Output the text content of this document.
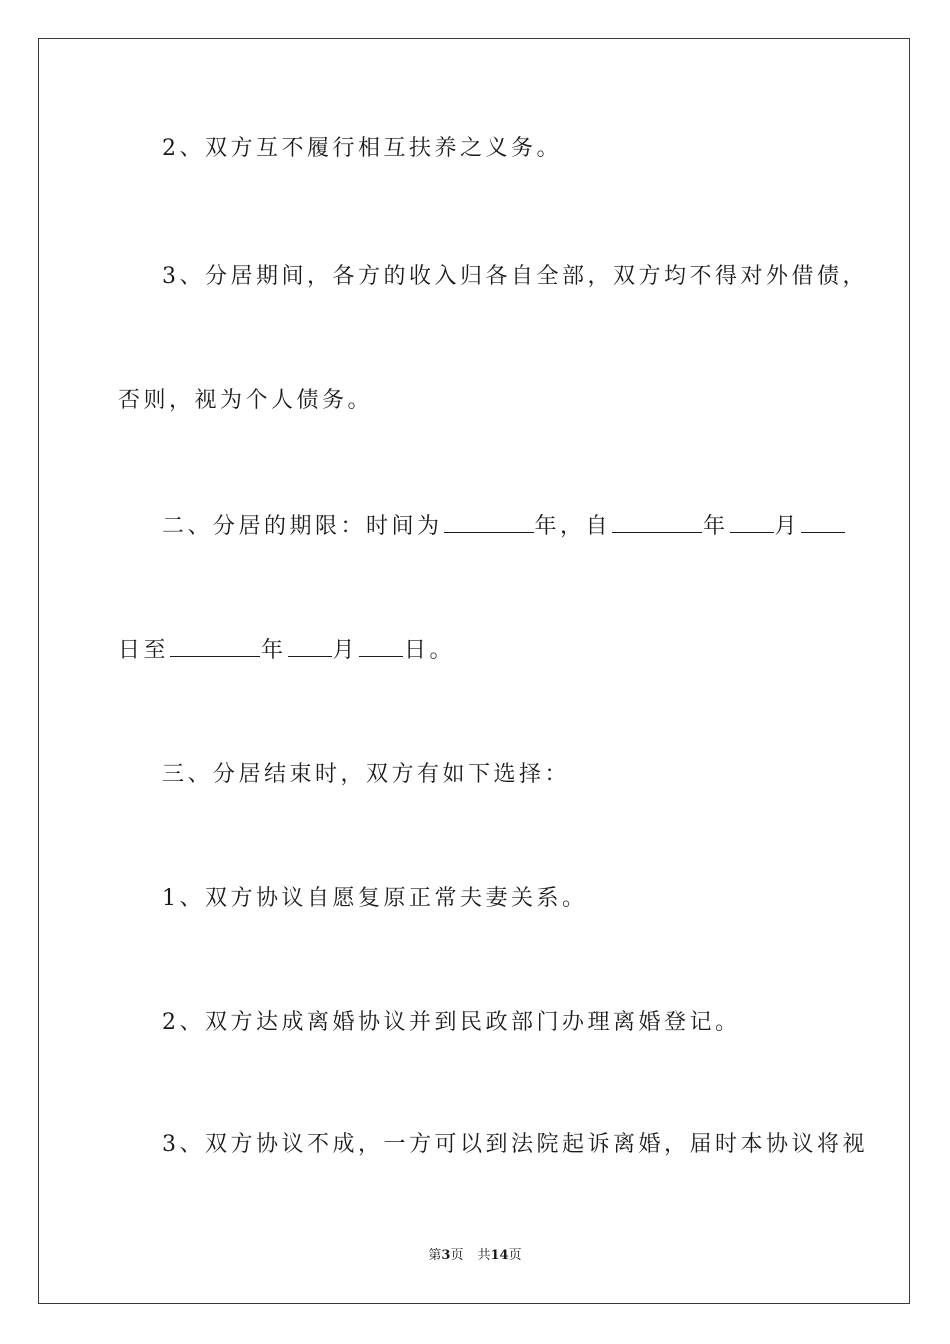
2、双方互不履行相互扶养之义务。
3、分居期间，各方的收入归各自全部，双方均不得对外借债，
否则，视为个人债务。
二、分居的期限：时间为	年，自	年 月
日至	年 月 日。
三、分居结束时，双方有如下选择：
1、双方协议自愿复原正常夫妻关系。
2、双方达成离婚协议并到民政部门办理离婚登记。
3、双方协议不成，一方可以到法院起诉离婚，届时本协议将视
第3页 共14页
